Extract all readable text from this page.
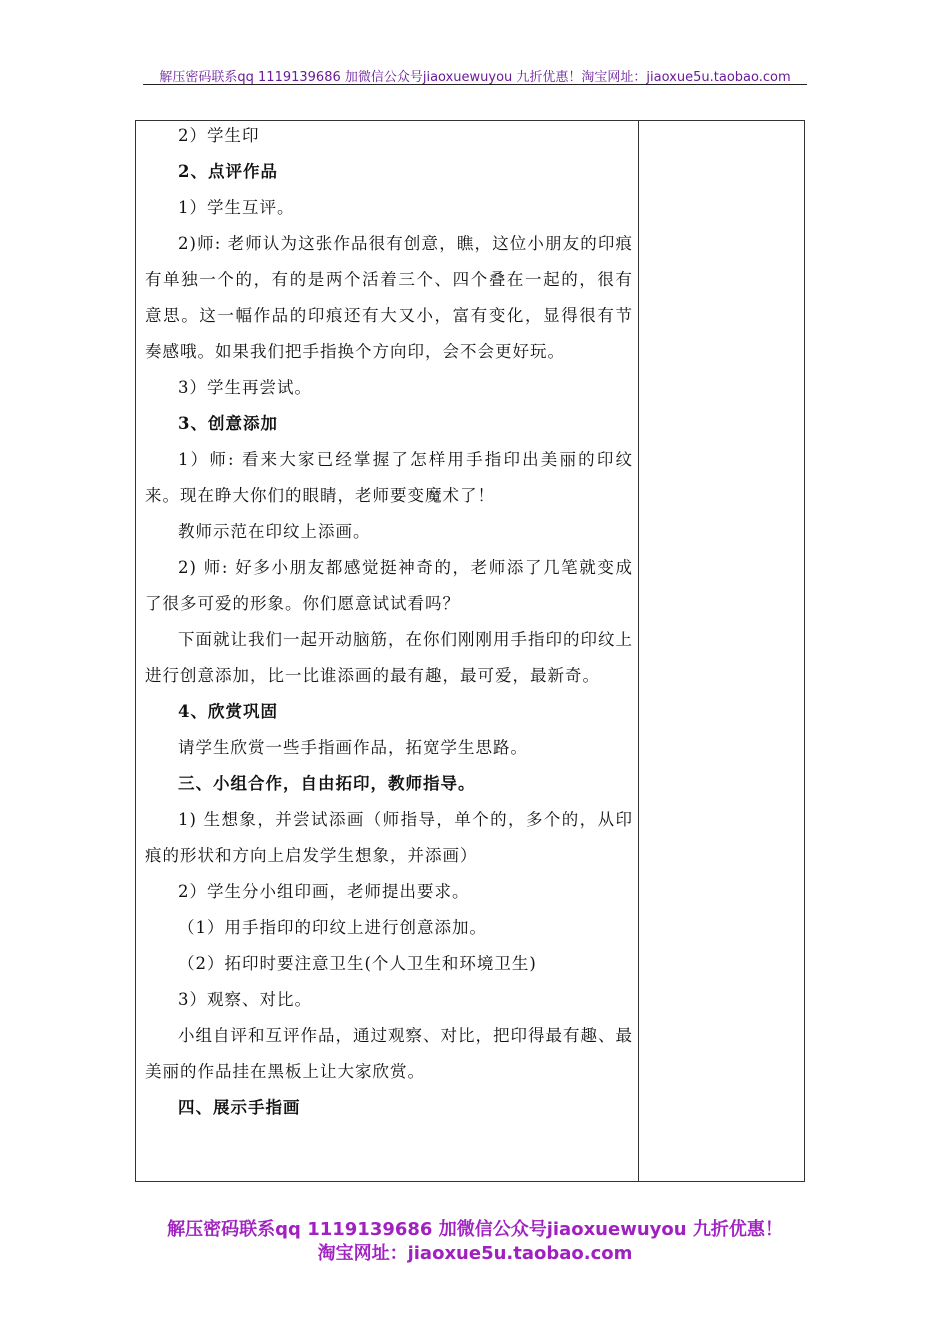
解压密码联系qq 1119139686 加微信公众号jiaoxuewuyou 九折优惠！淘宝网址：jiaoxue5u.taobao.com

2）学生印

2、点评作品

1）学生互评。

2)师: 老师认为这张作品很有创意，瞧，这位小朋友的印痕有单独一个的，有的是两个活着三个、四个叠在一起的，很有意思。这一幅作品的印痕还有大又小，富有变化，显得很有节奏感哦。如果我们把手指换个方向印，会不会更好玩。

3）学生再尝试。

3、创意添加

1）师: 看来大家已经掌握了怎样用手指印出美丽的印纹来。现在睁大你们的眼睛，老师要变魔术了！

教师示范在印纹上添画。

2) 师: 好多小朋友都感觉挺神奇的，老师添了几笔就变成了很多可爱的形象。你们愿意试试看吗？

下面就让我们一起开动脑筋，在你们刚刚用手指印的印纹上进行创意添加，比一比谁添画的最有趣，最可爱，最新奇。

4、欣赏巩固

请学生欣赏一些手指画作品，拓宽学生思路。

三、小组合作，自由拓印，教师指导。

1) 生想象，并尝试添画（师指导，单个的，多个的，从印痕的形状和方向上启发学生想象，并添画）

2）学生分小组印画，老师提出要求。

（1）用手指印的印纹上进行创意添加。

（2）拓印时要注意卫生(个人卫生和环境卫生)

3）观察、对比。

小组自评和互评作品，通过观察、对比，把印得最有趣、最美丽的作品挂在黑板上让大家欣赏。

四、展示手指画

解压密码联系qq 1119139686 加微信公众号jiaoxuewuyou 九折优惠！
淘宝网址：jiaoxue5u.taobao.com
